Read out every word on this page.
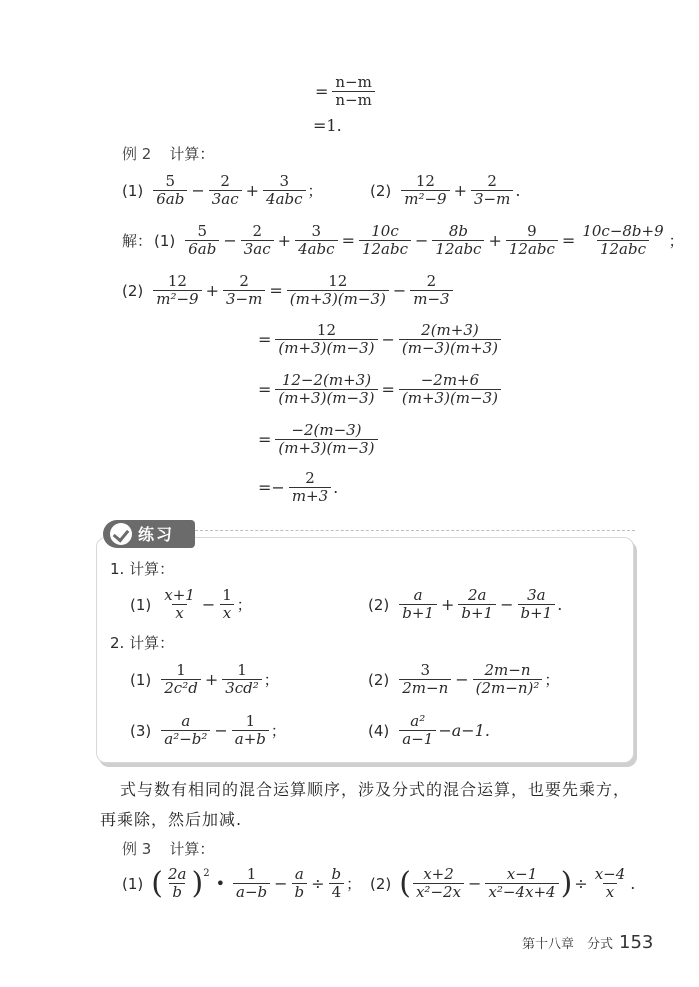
= $\frac{n-m}{n-m}$
=1.
例 2 计算：
$(1) \frac{5}{6ab} - \frac{2}{3ac} + \frac{3}{\text{4abc}}$ ；	$(2) \frac{12}{\text{m²−9}} + \frac{2}{3-m}$ .
解： $(1) \frac{5}{6ab} - \frac{2}{3ac} + \frac{3}{\text{4abc}} = \frac{10c}{\text{12abc}} - \frac{8b}{\text{12abc}} + \frac{9}{\text{12abc}} = \frac{10c-8b+9}{\text{12abc}}$ ；
$(2) \frac{12}{\text{m²−9}} + \frac{2}{3-m} = \frac{12}{(m+3)(m-3)} - \frac{2}{m-3}$
= $\frac{12}{(m+3)(m-3)} - \frac{2(m+3)}{(m-3)(m+3)}$
= $\frac{12-2(m+3)}{(m+3)(m-3)} = \frac{-2m+6}{(m+3)(m-3)}$
= $\frac{-2(m-3)}{(m+3)(m-3)}$
=− $\frac{2}{m+3}$ .
练习
1. 计算：
$(1) \frac{x+1}{x} - \frac{1}{x}$ ；	$(2) \frac{a}{b+1} + \frac{2a}{b+1} - \frac{3a}{b+1}$ .
2. 计算：
$(1) \frac{1}{\text{2c²d}} + \frac{1}{\text{3cd²}}$ ；	$(2) \frac{3}{2m-n} - \frac{2m-n}{\text{(2m−n)²}}$ ；
$(3) \frac{a}{\text{a²−b²}} - \frac{1}{a+b}$ ；	$(4) \frac{\text{a²}}{a-1} -a-1$.
式与数有相同的混合运算顺序，涉及分式的混合运算，也要先乘方，再乘除，然后加减.
例 3 计算：
(1) ( $\frac{2a}{b}$ ) 2
• $\frac{1}{a-b} - \frac{a}{b} \div \frac{b}{4}$ ； (2) ( $\frac{x+2}{\text{x²−2x}} - \frac{x-1}{\text{x²−4x+4}}$ ) ÷ $\frac{x-4}{x}$ .
第十八章　分式 153
